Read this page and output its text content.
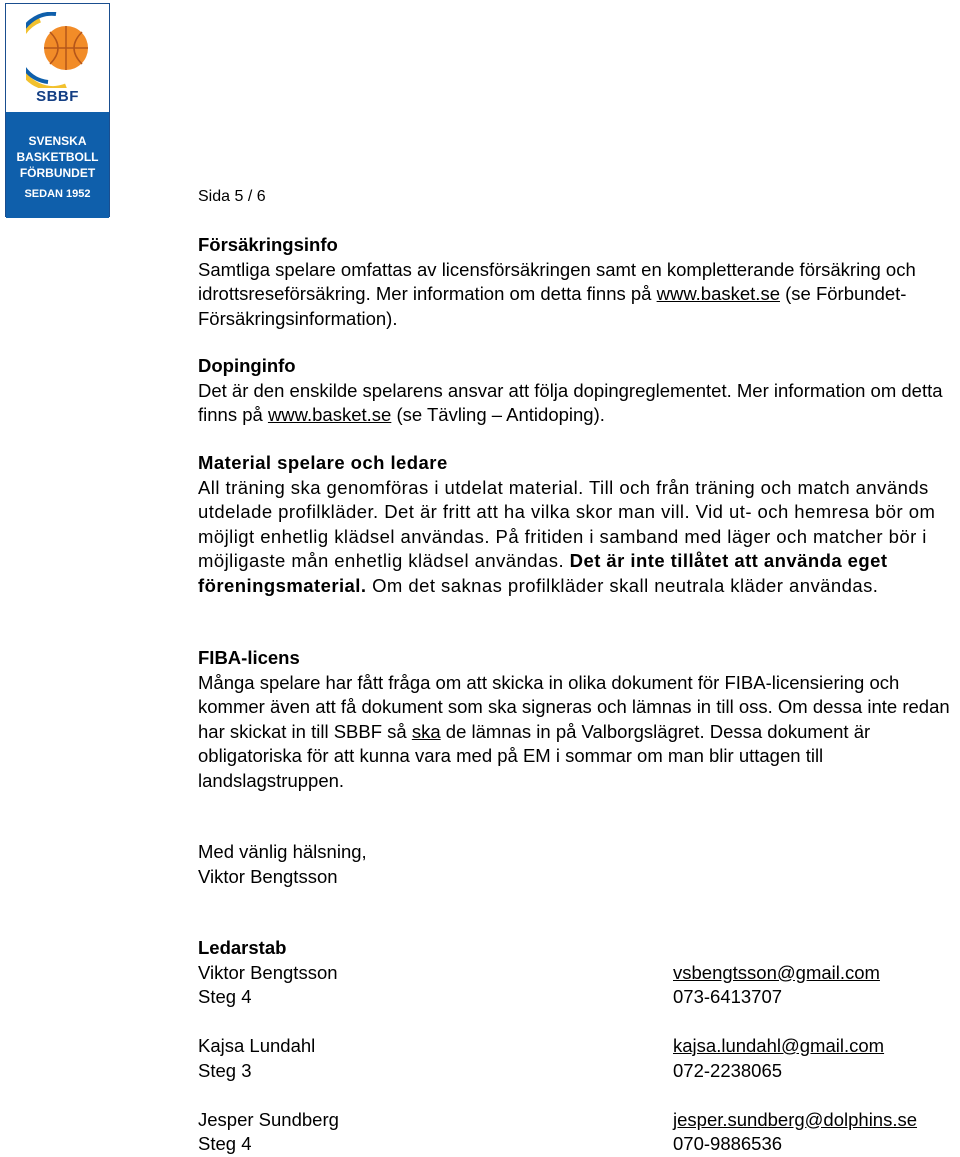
SBBF
SVENSKA
BASKETBOLL
FÖRBUNDET
SEDAN 1952	Sida 5 / 6
Försäkringsinfo
Samtliga spelare omfattas av licensförsäkringen samt en kompletterande försäkring och idrottsreseförsäkring. Mer information om detta finns på www.basket.se (se Förbundet-Försäkringsinformation).
Dopinginfo
Det är den enskilde spelarens ansvar att följa dopingreglementet. Mer information om detta finns på www.basket.se (se Tävling – Antidoping).
Material spelare och ledare
All träning ska genomföras i utdelat material. Till och från träning och match används utdelade profilkläder. Det är fritt att ha vilka skor man vill. Vid ut- och hemresa bör om möjligt enhetlig klädsel användas. På fritiden i samband med läger och matcher bör i möjligaste mån enhetlig klädsel användas. Det är inte tillåtet att använda eget föreningsmaterial. Om det saknas profilkläder skall neutrala kläder användas.
FIBA-licens
Många spelare har fått fråga om att skicka in olika dokument för FIBA-licensiering och kommer även att få dokument som ska signeras och lämnas in till oss. Om dessa inte redan har skickat in till SBBF så ska de lämnas in på Valborgslägret. Dessa dokument är obligatoriska för att kunna vara med på EM i sommar om man blir uttagen till landslagstruppen.
Med vänlig hälsning,
Viktor Bengtsson
Ledarstab
Viktor Bengtsson	vsbengtsson@gmail.com
Steg 4	073-6413707
Kajsa Lundahl	kajsa.lundahl@gmail.com
Steg 3	072-2238065
Jesper Sundberg	jesper.sundberg@dolphins.se
Steg 4	070-9886536
